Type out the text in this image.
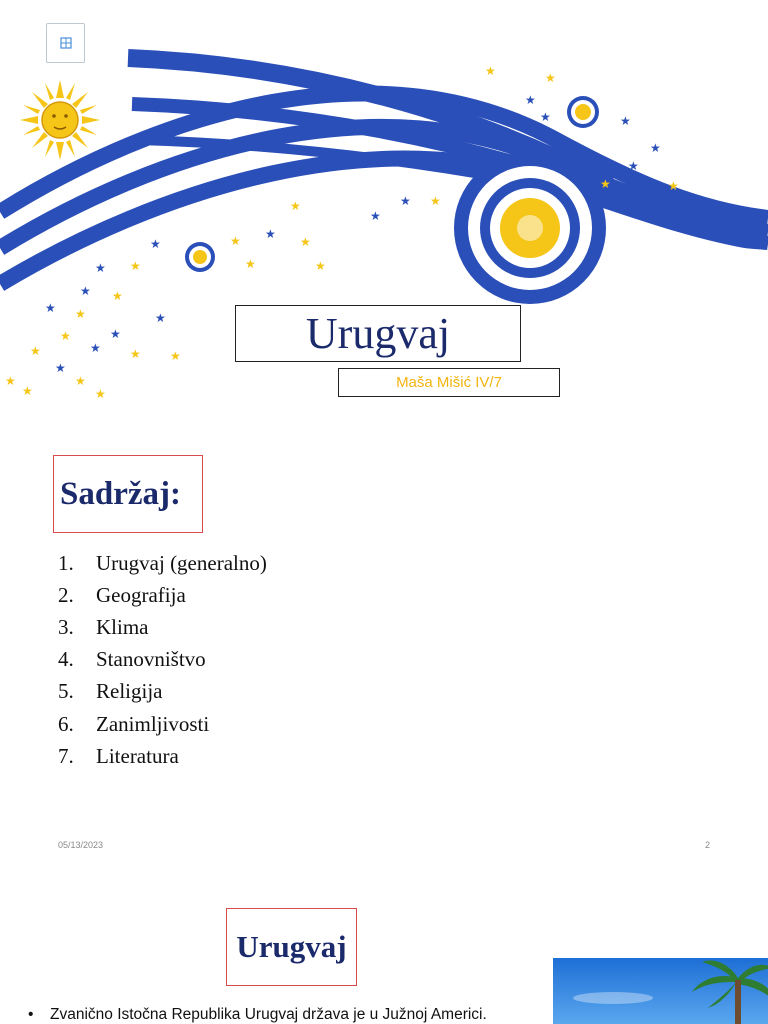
★	★
★
★	★
★
★
★	★
★
★ ★
★
★
★
★
★	★
★
★
★
★ ★
★ ★	★
★
★
★
★	★
★
★
★
★	★
★	Urugvaj
Maša Mišić IV/7
Sadržaj:
1.	Urugvaj (generalno)
2.	Geografija
3.	Klima
4.	Stanovništvo
5.	Religija
6.	Zanimljivosti
7.	Literatura
05/13/2023	2
Urugvaj
•	Zvanično Istočna Republika Urugvaj država je u Južnoj Americi.
